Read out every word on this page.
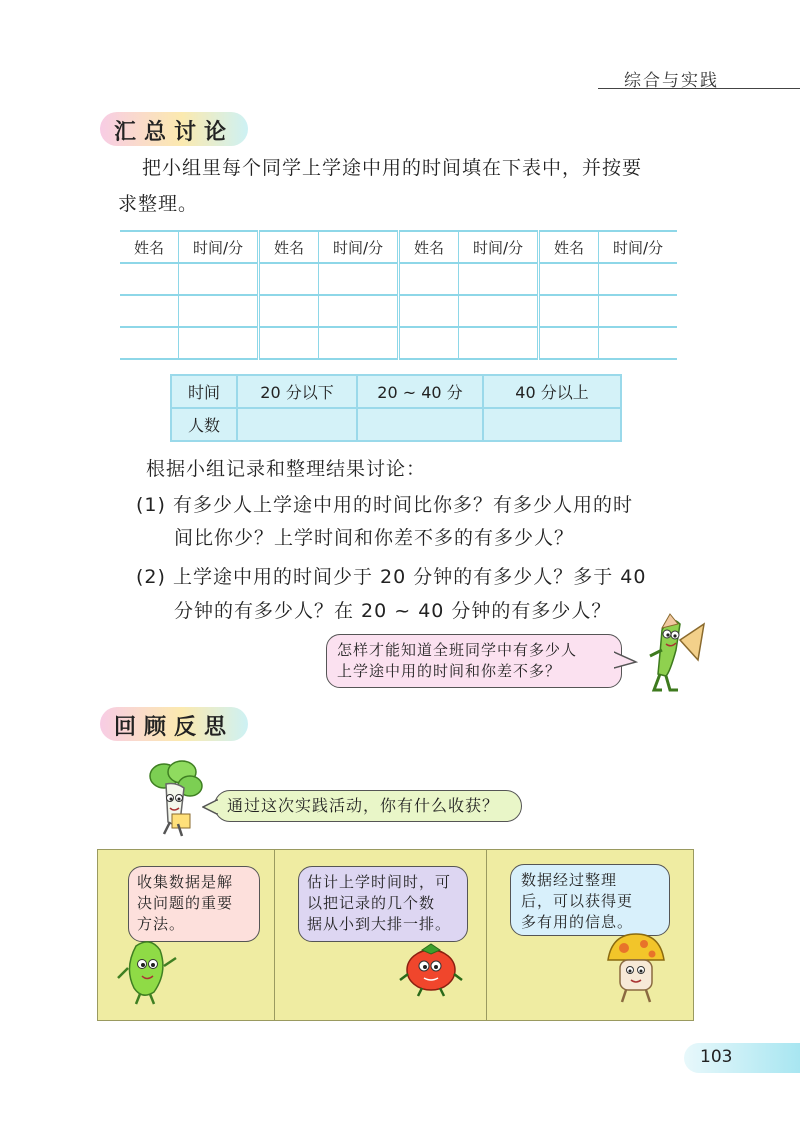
综合与实践
汇总讨论
把小组里每个同学上学途中用的时间填在下表中，并按要
求整理。
姓名	时间/分	姓名	时间/分	姓名	时间/分	姓名	时间/分

时间	20 分以下	20 ~ 40 分	40 分以上
人数			
根据小组记录和整理结果讨论：
(1) 有多少人上学途中用的时间比你多？有多少人用的时
间比你少？上学时间和你差不多的有多少人？
(2) 上学途中用的时间少于 20 分钟的有多少人？多于 40
分钟的有多少人？在 20 ~ 40 分钟的有多少人？
怎样才能知道全班同学中有多少人
上学途中用的时间和你差不多？
回顾反思
通过这次实践活动，你有什么收获？
收集数据是解
决问题的重要
方法。
估计上学时间时，可
以把记录的几个数
据从小到大排一排。
数据经过整理
后，可以获得更
多有用的信息。
103
